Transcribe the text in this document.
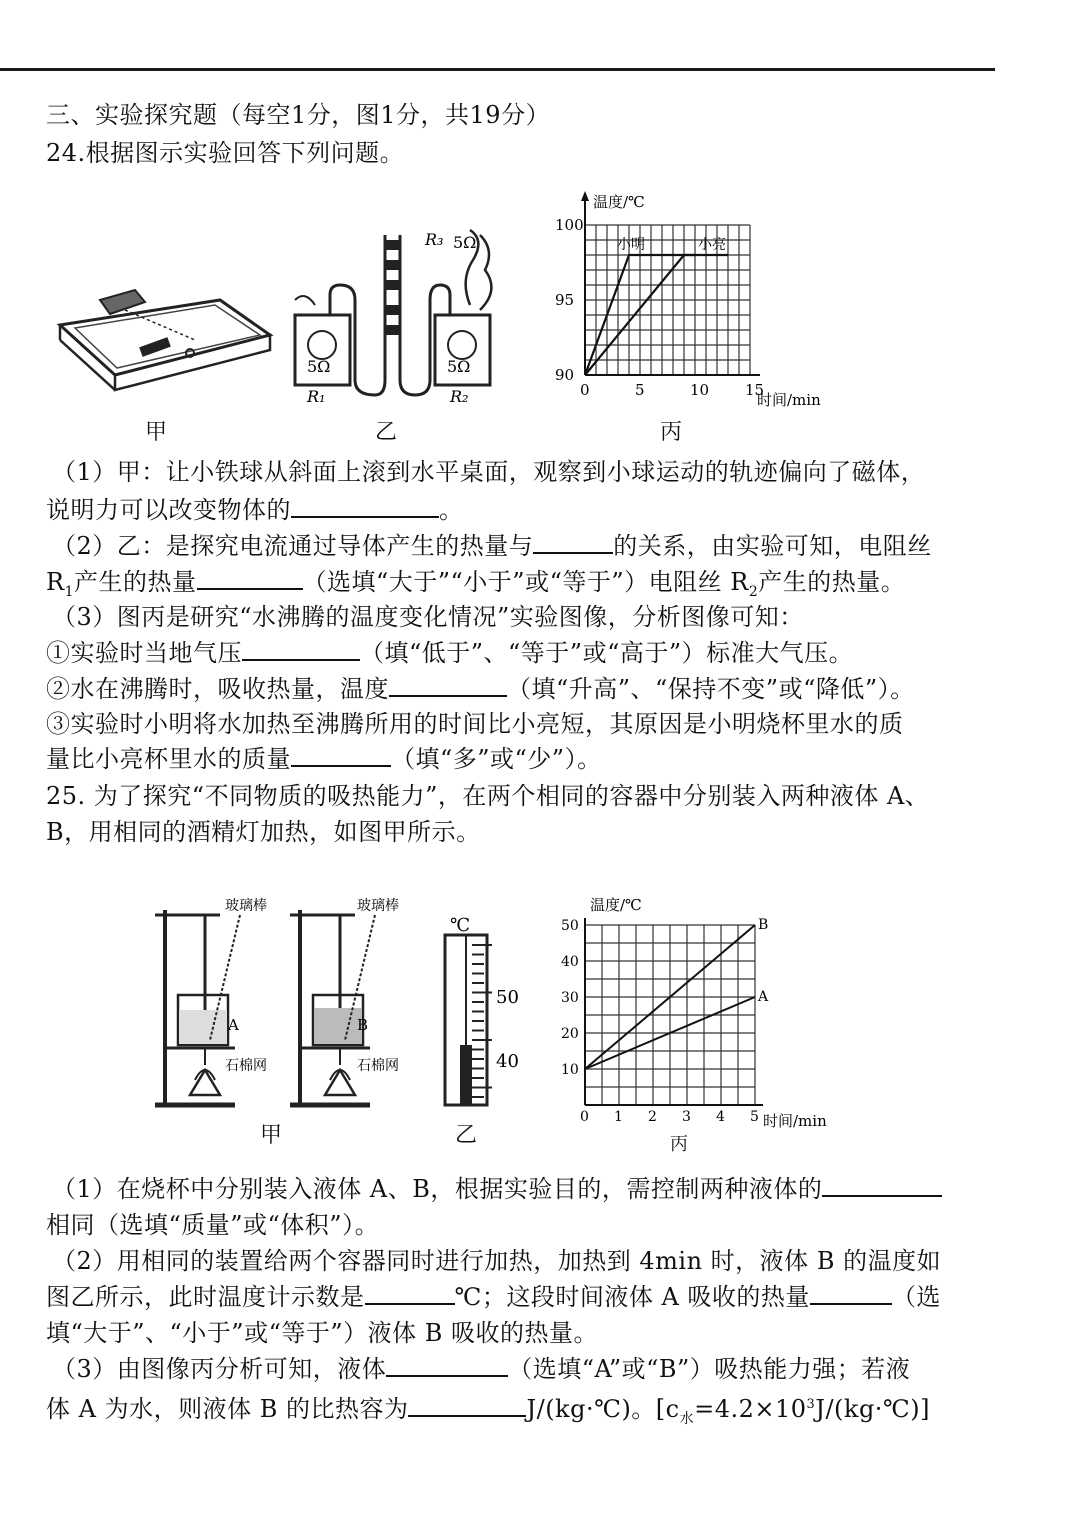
三、实验探究题（每空1分，图1分，共19分）
24.根据图示实验回答下列问题。
甲
R₃ 5Ω
5Ω	5Ω
R₁	R₂
乙
温度/℃
时间/min
0	5	10 15
90
95
100
小明	小亮
丙
（1）甲：让小铁球从斜面上滚到水平桌面，观察到小球运动的轨迹偏向了磁体，
说明力可以改变物体的	。
（2）乙：是探究电流通过导体产生的热量与	的关系，由实验可知，电阻丝
$R_1$产生的热量	（选填“大于”“小于”或“等于”）电阻丝 $R_2$产生的热量。
（3）图丙是研究“水沸腾的温度变化情况”实验图像，分析图像可知：
①实验时当地气压	（填“低于”、“等于”或“高于”）标准大气压。
②水在沸腾时，吸收热量，温度	（填“升高”、“保持不变”或“降低”）。
③实验时小明将水加热至沸腾所用的时间比小亮短，其原因是小明烧杯里水的质
量比小亮杯里水的质量	（填“多”或“少”）。
25. 为了探究“不同物质的吸热能力”，在两个相同的容器中分别装入两种液体 A、
B，用相同的酒精灯加热，如图甲所示。
A
玻璃棒
石棉网
B
玻璃棒
石棉网
甲
℃
50
40
乙
温度/℃
时间/min
0 1 2 3 4 5
10
20
30
40
50	B
A
丙
（1）在烧杯中分别装入液体 A、B，根据实验目的，需控制两种液体的
相同（选填“质量”或“体积”）。
（2）用相同的装置给两个容器同时进行加热，加热到 4min 时，液体 B 的温度如
图乙所示，此时温度计示数是	℃；这段时间液体 A 吸收的热量	（选
填“大于”、“小于”或“等于”）液体 B 吸收的热量。
（3）由图像丙分析可知，液体	（选填“A”或“B”）吸热能力强；若液
体 A 为水，则液体 B 的比热容为	J/(kg·℃)。$[c_水=4.2\times 10^3J/(kg\cdot℃)]$
